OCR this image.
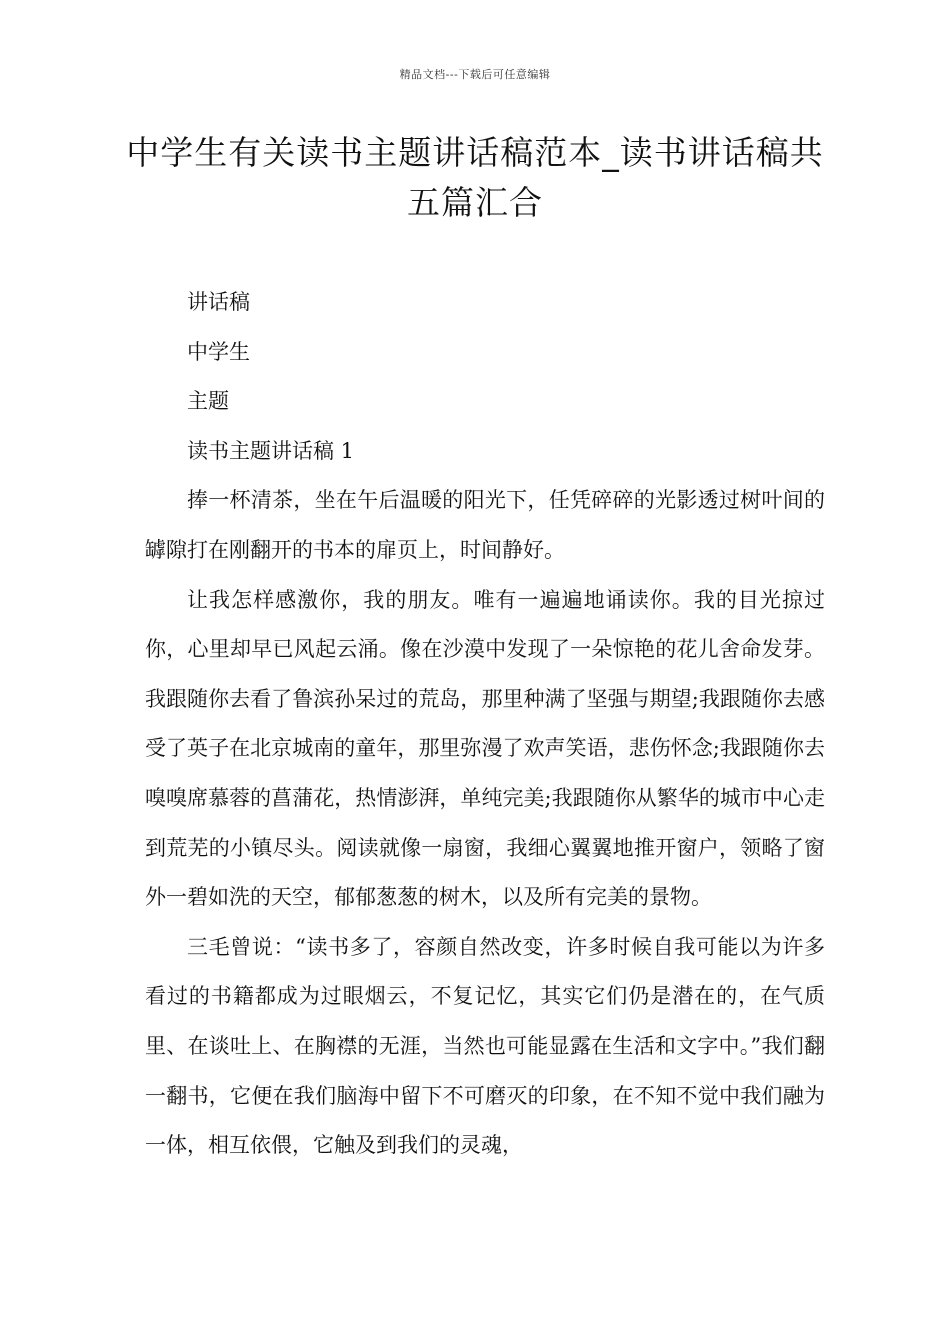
精品文档---下载后可任意编辑
中学生有关读书主题讲话稿范本_读书讲话稿共五篇汇合

讲话稿

中学生

主题

读书主题讲话稿 1

捧一杯清茶，坐在午后温暖的阳光下，任凭碎碎的光影透过树叶间的罅隙打在刚翻开的书本的扉页上，时间静好。

让我怎样感激你，我的朋友。唯有一遍遍地诵读你。我的目光掠过你，心里却早已风起云涌。像在沙漠中发现了一朵惊艳的花儿舍命发芽。我跟随你去看了鲁滨孙呆过的荒岛，那里种满了坚强与期望;我跟随你去感受了英子在北京城南的童年，那里弥漫了欢声笑语，悲伤怀念;我跟随你去嗅嗅席慕蓉的菖蒲花，热情澎湃，单纯完美;我跟随你从繁华的城市中心走到荒芜的小镇尽头。阅读就像一扇窗，我细心翼翼地推开窗户，领略了窗外一碧如洗的天空，郁郁葱葱的树木，以及所有完美的景物。

三毛曾说：“读书多了，容颜自然改变，许多时候自我可能以为许多看过的书籍都成为过眼烟云，不复记忆，其实它们仍是潜在的，在气质里、在谈吐上、在胸襟的无涯，当然也可能显露在生活和文字中。”我们翻一翻书，它便在我们脑海中留下不可磨灭的印象，在不知不觉中我们融为一体，相互依偎，它触及到我们的灵魂，
